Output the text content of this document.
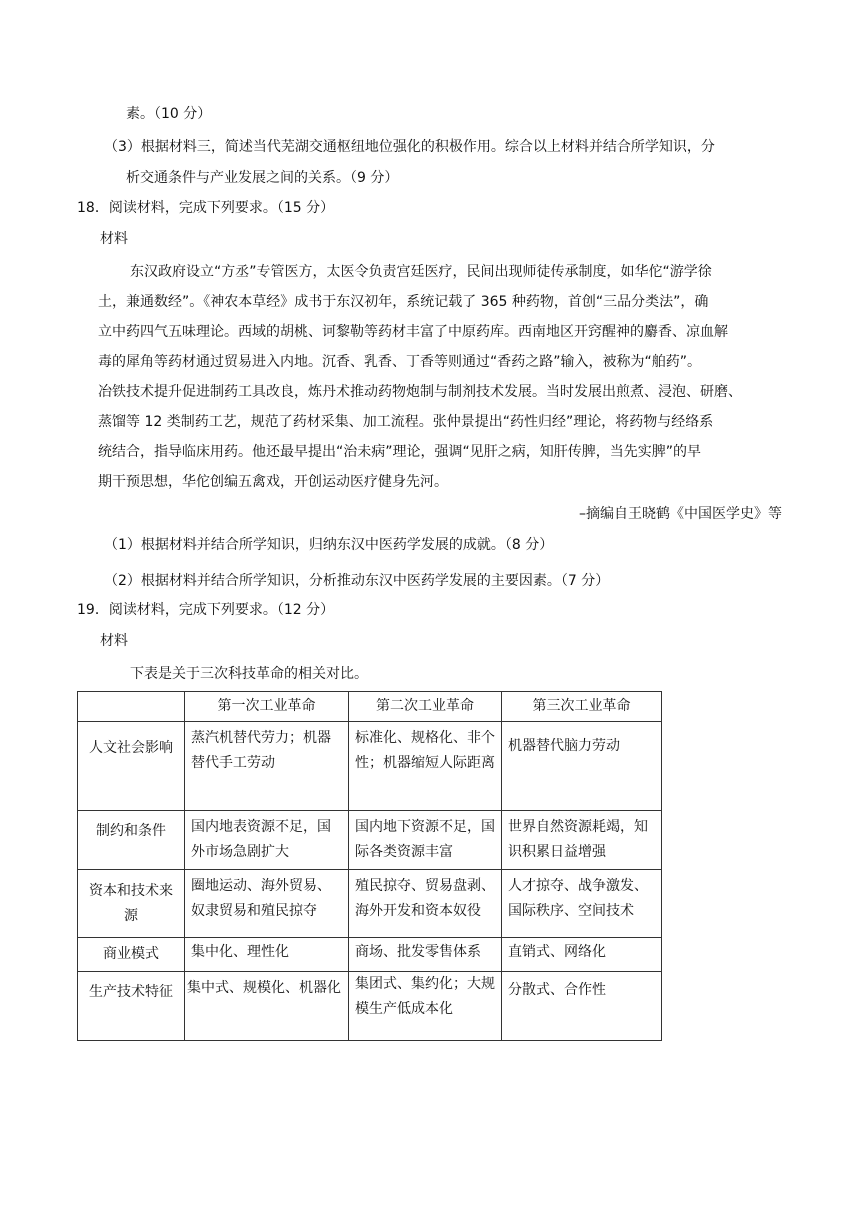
素。（10 分）
（3）根据材料三，简述当代芜湖交通枢纽地位强化的积极作用。综合以上材料并结合所学知识，分
析交通条件与产业发展之间的关系。（9 分）
18．阅读材料，完成下列要求。（15 分）
材料
东汉政府设立“方丞”专管医方，太医令负责宫廷医疗，民间出现师徒传承制度，如华佗“游学徐
土，兼通数经”。《神农本草经》成书于东汉初年，系统记载了 365 种药物，首创“三品分类法”，确
立中药四气五味理论。西域的胡桃、诃黎勒等药材丰富了中原药库。西南地区开窍醒神的麝香、凉血解
毒的犀角等药材通过贸易进入内地。沉香、乳香、丁香等则通过“香药之路”输入，被称为“舶药”。
冶铁技术提升促进制药工具改良，炼丹术推动药物炮制与制剂技术发展。当时发展出煎煮、浸泡、研磨、
蒸馏等 12 类制药工艺，规范了药材采集、加工流程。张仲景提出“药性归经”理论，将药物与经络系
统结合，指导临床用药。他还最早提出“治未病”理论，强调“见肝之病，知肝传脾，当先实脾”的早
期干预思想，华佗创编五禽戏，开创运动医疗健身先河。
–摘编自王晓鹤《中国医学史》等
（1）根据材料并结合所学知识，归纳东汉中医药学发展的成就。（8 分）
（2）根据材料并结合所学知识，分析推动东汉中医药学发展的主要因素。（7 分）
19．阅读材料，完成下列要求。（12 分）
材料
下表是关于三次科技革命的相关对比。
	第一次工业革命	第二次工业革命	第三次工业革命
人文社会影响	蒸汽机替代劳力；机器替代手工劳动	标准化、规格化、非个性；机器缩短人际距离	机器替代脑力劳动
制约和条件	国内地表资源不足，国外市场急剧扩大	国内地下资源不足，国际各类资源丰富	世界自然资源耗竭，知识积累日益增强
资本和技术来源	圈地运动、海外贸易、奴隶贸易和殖民掠夺	殖民掠夺、贸易盘剥、海外开发和资本奴役	人才掠夺、战争激发、国际秩序、空间技术
商业模式	集中化、理性化	商场、批发零售体系	直销式、网络化
生产技术特征	集中式、规模化、机器化	集团式、集约化；大规模生产低成本化	分散式、合作性
